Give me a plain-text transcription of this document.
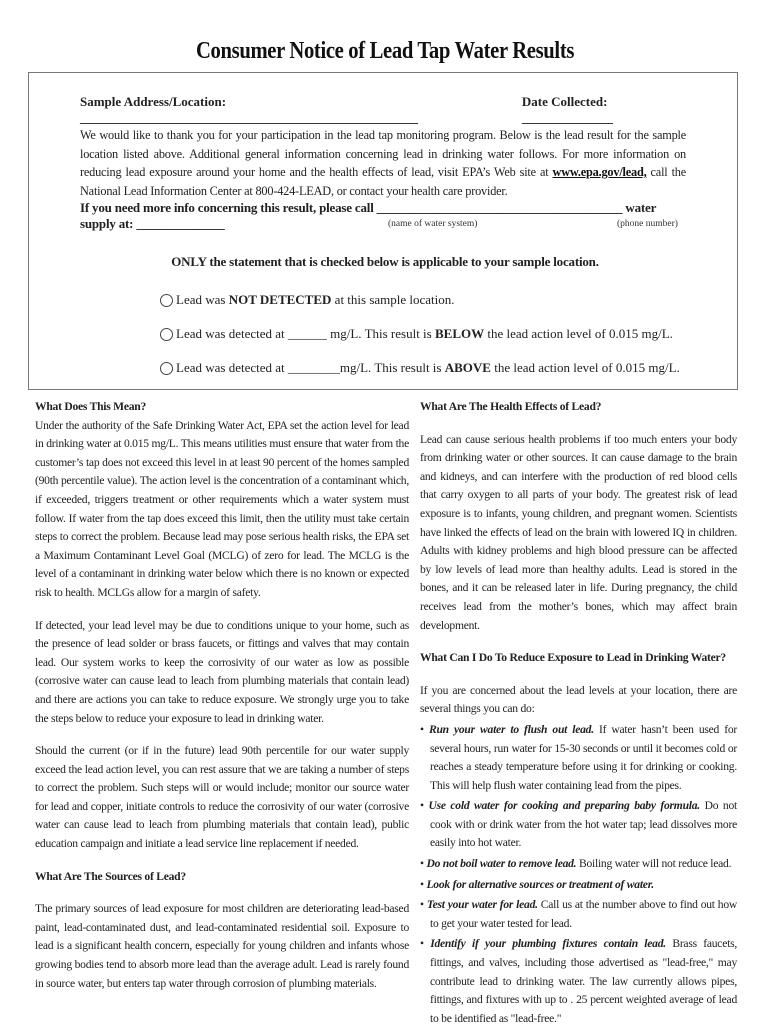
Consumer Notice of Lead Tap Water Results
Sample Address/Location: ____________________________________________________
Date Collected: ______________
We would like to thank you for your participation in the lead tap monitoring program. Below is the lead result for the sample location listed above. Additional general information concerning lead in drinking water follows. For more information on reducing lead exposure around your home and the health effects of lead, visit EPA’s Web site at www.epa.gov/lead, call the National Lead Information Center at 800-424-LEAD, or contact your health care provider.
If you need more info concerning this result, please call _______________________________________ water supply at: ______________	(name of water system)	(phone number)
ONLY the statement that is checked below is applicable to your sample location.
Lead was NOT DETECTED at this sample location.
Lead was detected at ______ mg/L. This result is BELOW the lead action level of 0.015 mg/L.
Lead was detected at ________mg/L. This result is ABOVE the lead action level of 0.015 mg/L.
What Does This Mean?

Under the authority of the Safe Drinking Water Act, EPA set the action level for lead in drinking water at 0.015 mg/L. This means utilities must ensure that water from the customer’s tap does not exceed this level in at least 90 percent of the homes sampled (90th percentile value). The action level is the concentration of a contaminant which, if exceeded, triggers treatment or other requirements which a water system must follow. If water from the tap does exceed this limit, then the utility must take certain steps to correct the problem. Because lead may pose serious health risks, the EPA set a Maximum Contaminant Level Goal (MCLG) of zero for lead. The MCLG is the level of a contaminant in drinking water below which there is no known or expected risk to health. MCLGs allow for a margin of safety.

If detected, your lead level may be due to conditions unique to your home, such as the presence of lead solder or brass faucets, or fittings and valves that may contain lead. Our system works to keep the corrosivity of our water as low as possible (corrosive water can cause lead to leach from plumbing materials that contain lead) and there are actions you can take to reduce exposure. We strongly urge you to take the steps below to reduce your exposure to lead in drinking water.

Should the current (or if in the future) lead 90th percentile for our water supply exceed the lead action level, you can rest assure that we are taking a number of steps to correct the problem. Such steps will or would include; monitor our source water for lead and copper, initiate controls to reduce the corrosivity of our water (corrosive water can cause lead to leach from plumbing materials that contain lead), public education campaign and initiate a lead service line replacement if needed.

What Are The Sources of Lead?

The primary sources of lead exposure for most children are deteriorating lead-based paint, lead-contaminated dust, and lead-contaminated residential soil. Exposure to lead is a significant health concern, especially for young children and infants whose growing bodies tend to absorb more lead than the average adult. Lead is rarely found in source water, but enters tap water through corrosion of plumbing materials.

What Are The Health Effects of Lead?

Lead can cause serious health problems if too much enters your body from drinking water or other sources. It can cause damage to the brain and kidneys, and can interfere with the production of red blood cells that carry oxygen to all parts of your body. The greatest risk of lead exposure is to infants, young children, and pregnant women. Scientists have linked the effects of lead on the brain with lowered IQ in children. Adults with kidney problems and high blood pressure can be affected by low levels of lead more than healthy adults. Lead is stored in the bones, and it can be released later in life. During pregnancy, the child receives lead from the mother’s bones, which may affect brain development.

What Can I Do To Reduce Exposure to Lead in Drinking Water?

If you are concerned about the lead levels at your location, there are several things you can do:

• Run your water to flush out lead. If water hasn’t been used for several hours, run water for 15-30 seconds or until it becomes cold or reaches a steady temperature before using it for drinking or cooking. This will help flush water containing lead from the pipes.
• Use cold water for cooking and preparing baby formula. Do not cook with or drink water from the hot water tap; lead dissolves more easily into hot water.
• Do not boil water to remove lead. Boiling water will not reduce lead.
• Look for alternative sources or treatment of water.
• Test your water for lead. Call us at the number above to find out how to get your water tested for lead.
• Identify if your plumbing fixtures contain lead. Brass faucets, fittings, and valves, including those advertised as "lead-free," may contribute lead to drinking water. The law currently allows pipes, fittings, and fixtures with up to . 25 percent weighted average of lead to be identified as "lead-free."
